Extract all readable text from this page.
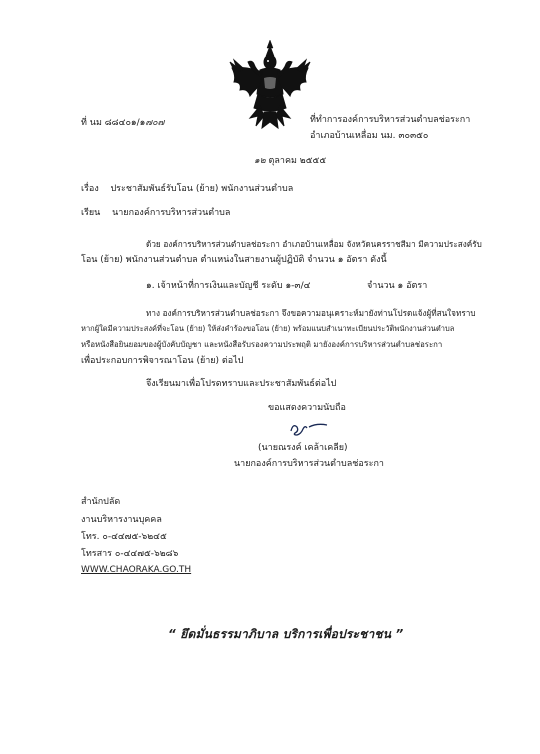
ที่ นม ๘๘๔๐๑/๑๗๐๗	ที่ทำการองค์การบริหารส่วนตำบลช่อระกา
อำเภอบ้านเหลื่อม นม. ๓๐๓๕๐
๑๒ ตุลาคม ๒๕๕๕
เรื่อง ประชาสัมพันธ์รับโอน (ย้าย) พนักงานส่วนตำบล
เรียน นายกองค์การบริหารส่วนตำบล
ด้วย องค์การบริหารส่วนตำบลช่อระกา อำเภอบ้านเหลื่อม จังหวัดนครราชสีมา มีความประสงค์รับ
โอน (ย้าย) พนักงานส่วนตำบล ตำแหน่งในสายงานผู้ปฏิบัติ จำนวน ๑ อัตรา ดังนี้
๑. เจ้าหน้าที่การเงินและบัญชี ระดับ ๑-๓/๔	จำนวน ๑ อัตรา
ทาง องค์การบริหารส่วนตำบลช่อระกา จึงขอความอนุเคราะห์มายังท่านโปรดแจ้งผู้ที่สนใจทราบ
หากผู้ใดมีความประสงค์ที่จะโอน (ย้าย) ให้ส่งคำร้องขอโอน (ย้าย) พร้อมแนบสำเนาทะเบียนประวัติพนักงานส่วนตำบล
หรือหนังสือยินยอมของผู้บังคับบัญชา และหนังสือรับรองความประพฤติ มายังองค์การบริหารส่วนตำบลช่อระกา
เพื่อประกอบการพิจารณาโอน (ย้าย) ต่อไป
จึงเรียนมาเพื่อโปรดทราบและประชาสัมพันธ์ต่อไป
ขอแสดงความนับถือ
(นายณรงค์ เคล้าเคลีย)
นายกองค์การบริหารส่วนตำบลช่อระกา
สำนักปลัด
งานบริหารงานบุคคล
โทร. ๐-๔๔๗๕-๖๒๔๕
โทรสาร ๐-๔๔๗๕-๖๒๘๖
WWW.CHAORAKA.GO.TH
“ ยึดมั่นธรรมาภิบาล บริการเพื่อประชาชน ”
